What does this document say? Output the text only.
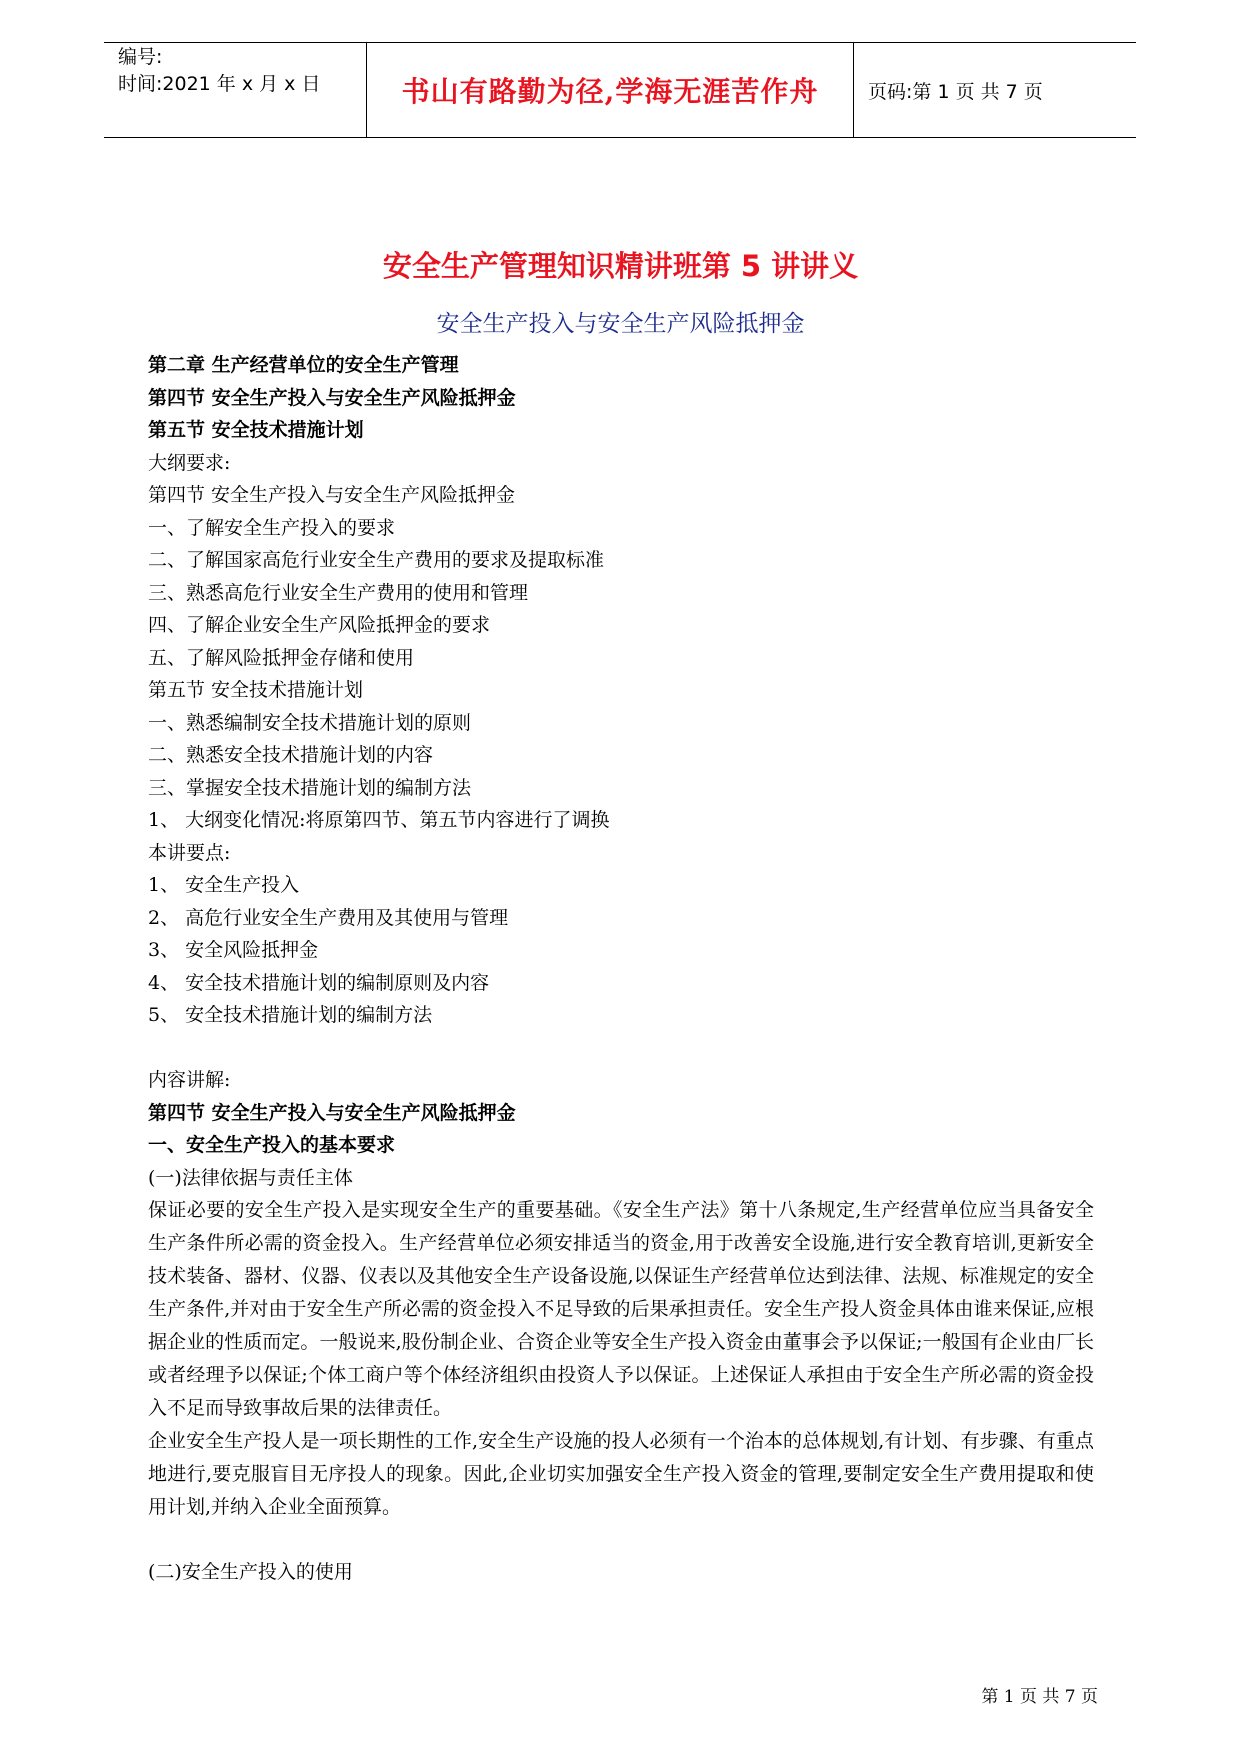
编号:
时间:2021 年 x 月 x 日	书山有路勤为径,学海无涯苦作舟	页码:第 1 页 共 7 页
安全生产管理知识精讲班第 5 讲讲义
安全生产投入与安全生产风险抵押金

第二章 生产经营单位的安全生产管理

第四节 安全生产投入与安全生产风险抵押金

第五节 安全技术措施计划

大纲要求:

第四节 安全生产投入与安全生产风险抵押金

一、了解安全生产投入的要求

二、了解国家高危行业安全生产费用的要求及提取标准

三、熟悉高危行业安全生产费用的使用和管理

四、了解企业安全生产风险抵押金的要求

五、了解风险抵押金存储和使用

第五节 安全技术措施计划

一、熟悉编制安全技术措施计划的原则

二、熟悉安全技术措施计划的内容

三、掌握安全技术措施计划的编制方法

1、 大纲变化情况:将原第四节、第五节内容进行了调换

本讲要点:

1、 安全生产投入

2、 高危行业安全生产费用及其使用与管理

3、 安全风险抵押金

4、 安全技术措施计划的编制原则及内容

5、 安全技术措施计划的编制方法

内容讲解:

第四节 安全生产投入与安全生产风险抵押金

一、安全生产投入的基本要求

(一)法律依据与责任主体

保证必要的安全生产投入是实现安全生产的重要基础。《安全生产法》第十八条规定,生产经营单位应当具备安全生产条件所必需的资金投入。生产经营单位必须安排适当的资金,用于改善安全设施,进行安全教育培训,更新安全技术装备、器材、仪器、仪表以及其他安全生产设备设施,以保证生产经营单位达到法律、法规、标准规定的安全生产条件,并对由于安全生产所必需的资金投入不足导致的后果承担责任。安全生产投人资金具体由谁来保证,应根据企业的性质而定。一般说来,股份制企业、合资企业等安全生产投入资金由董事会予以保证;一般国有企业由厂长或者经理予以保证;个体工商户等个体经济组织由投资人予以保证。上述保证人承担由于安全生产所必需的资金投入不足而导致事故后果的法律责任。

企业安全生产投人是一项长期性的工作,安全生产设施的投人必须有一个治本的总体规划,有计划、有步骤、有重点地进行,要克服盲目无序投人的现象。因此,企业切实加强安全生产投入资金的管理,要制定安全生产费用提取和使用计划,并纳入企业全面预算。

(二)安全生产投入的使用

第 1 页 共 7 页
